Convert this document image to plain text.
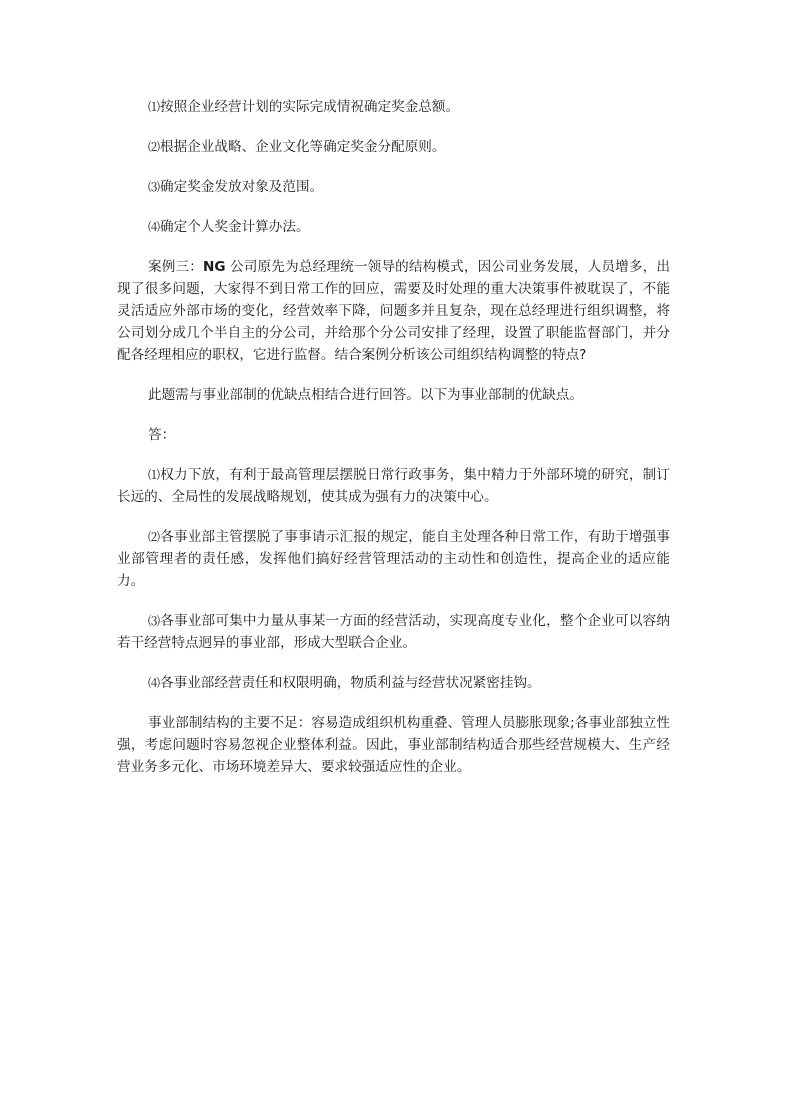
⑴按照企业经营计划的实际完成情祝确定奖金总额。

⑵根据企业战略、企业文化等确定奖金分配原则。

⑶确定奖金发放对象及范围。

⑷确定个人奖金计算办法。

案例三：NG 公司原先为总经理统一领导的结构模式，因公司业务发展，人员增多，出现了很多问题，大家得不到日常工作的回应，需要及时处理的重大决策事件被耽误了，不能灵活适应外部市场的变化，经营效率下降，问题多并且复杂，现在总经理进行组织调整，将公司划分成几个半自主的分公司，并给那个分公司安排了经理，设置了职能监督部门，并分配各经理相应的职权，它进行监督。结合案例分析该公司组织结构调整的特点?

此题需与事业部制的优缺点相结合进行回答。以下为事业部制的优缺点。

答：

⑴权力下放，有利于最高管理层摆脱日常行政事务，集中精力于外部环境的研究，制订长远的、全局性的发展战略规划，使其成为强有力的决策中心。

⑵各事业部主管摆脱了事事请示汇报的规定，能自主处理各种日常工作，有助于增强事业部管理者的责任感，发挥他们搞好经营管理活动的主动性和创造性，提高企业的适应能力。

⑶各事业部可集中力量从事某一方面的经营活动，实现高度专业化，整个企业可以容纳若干经营特点迥异的事业部，形成大型联合企业。

⑷各事业部经营责任和权限明确，物质利益与经营状况紧密挂钩。

事业部制结构的主要不足：容易造成组织机构重叠、管理人员膨胀现象;各事业部独立性强，考虑问题时容易忽视企业整体利益。因此，事业部制结构适合那些经营规模大、生产经营业务多元化、市场环境差异大、要求较强适应性的企业。
